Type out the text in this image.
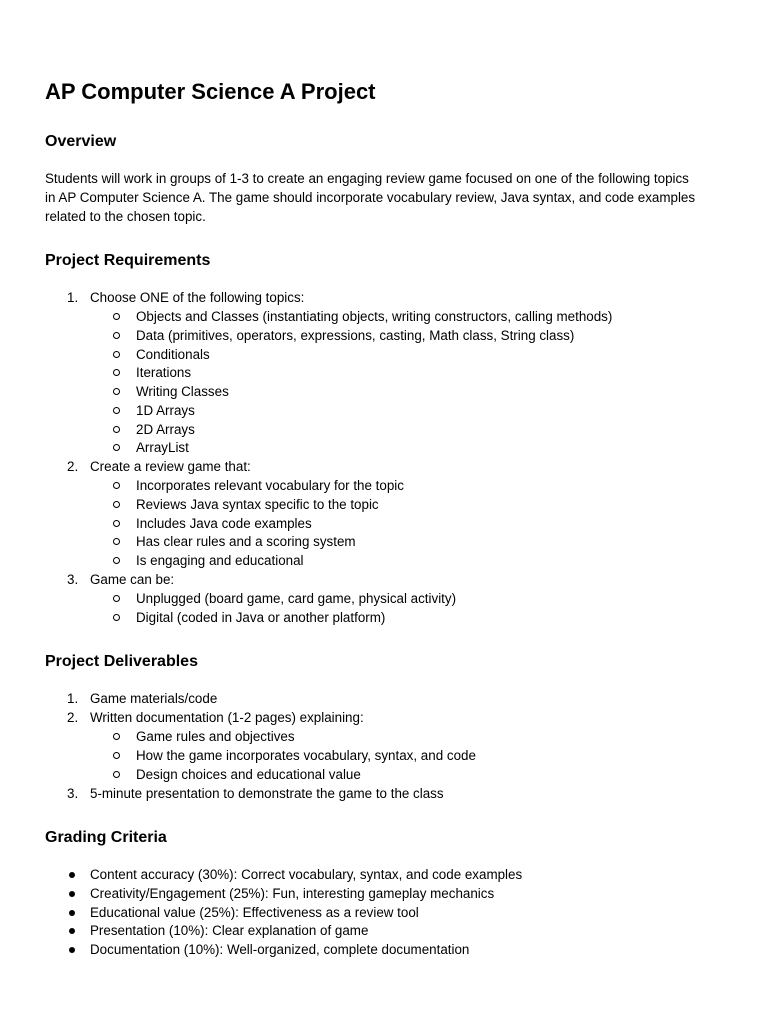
AP Computer Science A Project
Overview

Students will work in groups of 1-3 to create an engaging review game focused on one of the following topics
in AP Computer Science A. The game should incorporate vocabulary review, Java syntax, and code examples
related to the chosen topic.

Project Requirements
1. Choose ONE of the following topics:
Objects and Classes (instantiating objects, writing constructors, calling methods)
Data (primitives, operators, expressions, casting, Math class, String class)
Conditionals
Iterations
Writing Classes
1D Arrays
2D Arrays
ArrayList
2. Create a review game that:
Incorporates relevant vocabulary for the topic
Reviews Java syntax specific to the topic
Includes Java code examples
Has clear rules and a scoring system
Is engaging and educational
3. Game can be:
Unplugged (board game, card game, physical activity)
Digital (coded in Java or another platform)
Project Deliverables
1. Game materials/code
2. Written documentation (1-2 pages) explaining:
Game rules and objectives
How the game incorporates vocabulary, syntax, and code
Design choices and educational value
3. 5-minute presentation to demonstrate the game to the class
Grading Criteria
Content accuracy (30%): Correct vocabulary, syntax, and code examples
Creativity/Engagement (25%): Fun, interesting gameplay mechanics
Educational value (25%): Effectiveness as a review tool
Presentation (10%): Clear explanation of game
Documentation (10%): Well-organized, complete documentation
